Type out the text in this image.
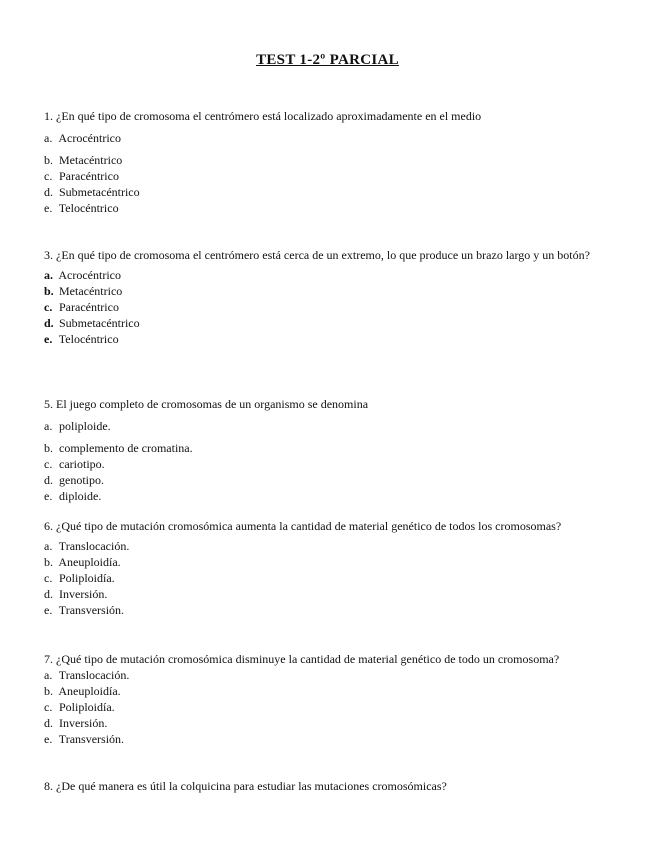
TEST 1-2º PARCIAL
1. ¿En qué tipo de cromosoma el centrómero está localizado aproximadamente en el medio
a. Acrocéntrico
b. Metacéntrico
c. Paracéntrico
d. Submetacéntrico
e. Telocéntrico
3. ¿En qué tipo de cromosoma el centrómero está cerca de un extremo, lo que produce un brazo largo y un botón?
a. Acrocéntrico
b. Metacéntrico
c. Paracéntrico
d. Submetacéntrico
e. Telocéntrico
5. El juego completo de cromosomas de un organismo se denomina
a. poliploide.
b. complemento de cromatina.
c. cariotipo.
d. genotipo.
e. diploide.
6. ¿Qué tipo de mutación cromosómica aumenta la cantidad de material genético de todos los cromosomas?
a. Translocación.
b. Aneuploidía.
c. Poliploidía.
d. Inversión.
e. Transversión.
7. ¿Qué tipo de mutación cromosómica disminuye la cantidad de material genético de todo un cromosoma?
a. Translocación.
b. Aneuploidía.
c. Poliploidía.
d. Inversión.
e. Transversión.
8. ¿De qué manera es útil la colquicina para estudiar las mutaciones cromosómicas?
